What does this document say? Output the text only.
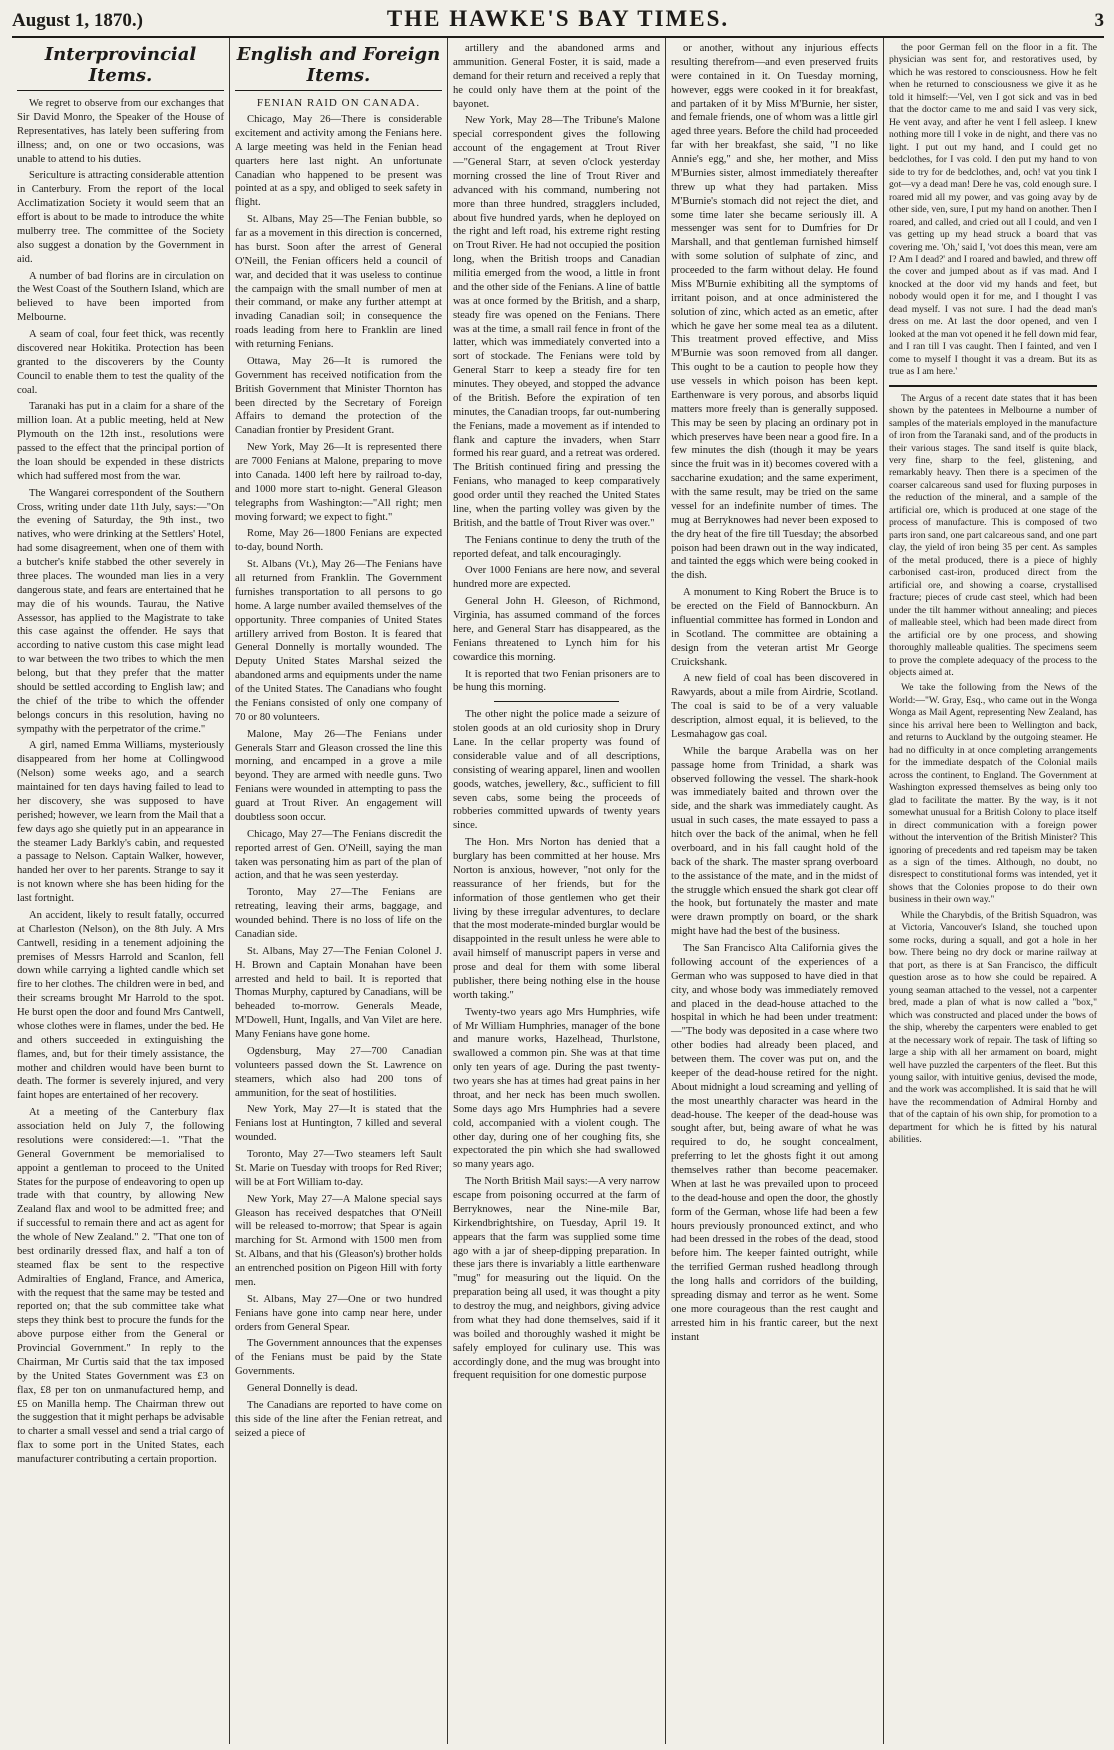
August 1, 1870.)	THE HAWKE'S BAY TIMES.	3
Interprovincial Items.

We regret to observe from our exchanges that Sir David Monro, the Speaker of the House of Representatives, has lately been suffering from illness; and, on one or two occasions, was unable to attend to his duties.

Sericulture is attracting considerable attention in Canterbury. From the report of the local Acclimatization Society it would seem that an effort is about to be made to introduce the white mulberry tree. The committee of the Society also suggest a donation by the Government in aid.

A number of bad florins are in circulation on the West Coast of the Southern Island, which are believed to have been imported from Melbourne.

A seam of coal, four feet thick, was recently discovered near Hokitika. Protection has been granted to the discoverers by the County Council to enable them to test the quality of the coal.

Taranaki has put in a claim for a share of the million loan. At a public meeting, held at New Plymouth on the 12th inst., resolutions were passed to the effect that the principal portion of the loan should be expended in these districts which had suffered most from the war.

The Wangarei correspondent of the Southern Cross, writing under date 11th July, says:—"On the evening of Saturday, the 9th inst., two natives, who were drinking at the Settlers' Hotel, had some disagreement, when one of them with a butcher's knife stabbed the other severely in three places. The wounded man lies in a very dangerous state, and fears are entertained that he may die of his wounds. Taurau, the Native Assessor, has applied to the Magistrate to take this case against the offender. He says that according to native custom this case might lead to war between the two tribes to which the men belong, but that they prefer that the matter should be settled according to English law; and the chief of the tribe to which the offender belongs concurs in this resolution, having no sympathy with the perpetrator of the crime."

A girl, named Emma Williams, mysteriously disappeared from her home at Collingwood (Nelson) some weeks ago, and a search maintained for ten days having failed to lead to her discovery, she was supposed to have perished; however, we learn from the Mail that a few days ago she quietly put in an appearance in the steamer Lady Barkly's cabin, and requested a passage to Nelson. Captain Walker, however, handed her over to her parents. Strange to say it is not known where she has been hiding for the last fortnight.

An accident, likely to result fatally, occurred at Charleston (Nelson), on the 8th July. A Mrs Cantwell, residing in a tenement adjoining the premises of Messrs Harrold and Scanlon, fell down while carrying a lighted candle which set fire to her clothes. The children were in bed, and their screams brought Mr Harrold to the spot. He burst open the door and found Mrs Cantwell, whose clothes were in flames, under the bed. He and others succeeded in extinguishing the flames, and, but for their timely assistance, the mother and children would have been burnt to death. The former is severely injured, and very faint hopes are entertained of her recovery.

At a meeting of the Canterbury flax association held on July 7, the following resolutions were considered:—1. "That the General Government be memorialised to appoint a gentleman to proceed to the United States for the purpose of endeavoring to open up trade with that country, by allowing New Zealand flax and wool to be admitted free; and if successful to remain there and act as agent for the whole of New Zealand." 2. "That one ton of best ordinarily dressed flax, and half a ton of steamed flax be sent to the respective Admiralties of England, France, and America, with the request that the same may be tested and reported on; that the sub committee take what steps they think best to procure the funds for the above purpose either from the General or Provincial Government." In reply to the Chairman, Mr Curtis said that the tax imposed by the United States Government was £3 on flax, £8 per ton on unmanufactured hemp, and £5 on Manilla hemp. The Chairman threw out the suggestion that it might perhaps be advisable to charter a small vessel and send a trial cargo of flax to some port in the United States, each manufacturer contributing a certain proportion.

English and Foreign Items.
FENIAN RAID ON CANADA.

Chicago, May 26—There is considerable excitement and activity among the Fenians here. A large meeting was held in the Fenian head quarters here last night. An unfortunate Canadian who happened to be present was pointed at as a spy, and obliged to seek safety in flight.

St. Albans, May 25—The Fenian bubble, so far as a movement in this direction is concerned, has burst. Soon after the arrest of General O'Neill, the Fenian officers held a council of war, and decided that it was useless to continue the campaign with the small number of men at their command, or make any further attempt at invading Canadian soil; in consequence the roads leading from here to Franklin are lined with returning Fenians.

Ottawa, May 26—It is rumored the Government has received notification from the British Government that Minister Thornton has been directed by the Secretary of Foreign Affairs to demand the protection of the Canadian frontier by President Grant.

New York, May 26—It is represented there are 7000 Fenians at Malone, preparing to move into Canada. 1400 left here by railroad to-day, and 1000 more start to-night. General Gleason telegraphs from Washington:—"All right; men moving forward; we expect to fight."

Rome, May 26—1800 Fenians are expected to-day, bound North.

St. Albans (Vt.), May 26—The Fenians have all returned from Franklin. The Government furnishes transportation to all persons to go home. A large number availed themselves of the opportunity. Three companies of United States artillery arrived from Boston. It is feared that General Donnelly is mortally wounded. The Deputy United States Marshal seized the abandoned arms and equipments under the name of the United States. The Canadians who fought the Fenians consisted of only one company of 70 or 80 volunteers.

Malone, May 26—The Fenians under Generals Starr and Gleason crossed the line this morning, and encamped in a grove a mile beyond. They are armed with needle guns. Two Fenians were wounded in attempting to pass the guard at Trout River. An engagement will doubtless soon occur.

Chicago, May 27—The Fenians discredit the reported arrest of Gen. O'Neill, saying the man taken was personating him as part of the plan of action, and that he was seen yesterday.

Toronto, May 27—The Fenians are retreating, leaving their arms, baggage, and wounded behind. There is no loss of life on the Canadian side.

St. Albans, May 27—The Fenian Colonel J. H. Brown and Captain Monahan have been arrested and held to bail. It is reported that Thomas Murphy, captured by Canadians, will be beheaded to-morrow. Generals Meade, M'Dowell, Hunt, Ingalls, and Van Vilet are here. Many Fenians have gone home.

Ogdensburg, May 27—700 Canadian volunteers passed down the St. Lawrence on steamers, which also had 200 tons of ammunition, for the seat of hostilities.

New York, May 27—It is stated that the Fenians lost at Huntington, 7 killed and several wounded.

Toronto, May 27—Two steamers left Sault St. Marie on Tuesday with troops for Red River; will be at Fort William to-day.

New York, May 27—A Malone special says Gleason has received despatches that O'Neill will be released to-morrow; that Spear is again marching for St. Armond with 1500 men from St. Albans, and that his (Gleason's) brother holds an entrenched position on Pigeon Hill with forty men.

St. Albans, May 27—One or two hundred Fenians have gone into camp near here, under orders from General Spear.

The Government announces that the expenses of the Fenians must be paid by the State Governments.

General Donnelly is dead.

The Canadians are reported to have come on this side of the line after the Fenian retreat, and seized a piece of

artillery and the abandoned arms and ammunition. General Foster, it is said, made a demand for their return and received a reply that he could only have them at the point of the bayonet.

New York, May 28—The Tribune's Malone special correspondent gives the following account of the engagement at Trout River—"General Starr, at seven o'clock yesterday morning crossed the line of Trout River and advanced with his command, numbering not more than three hundred, stragglers included, about five hundred yards, when he deployed on the right and left road, his extreme right resting on Trout River. He had not occupied the position long, when the British troops and Canadian militia emerged from the wood, a little in front and the other side of the Fenians. A line of battle was at once formed by the British, and a sharp, steady fire was opened on the Fenians. There was at the time, a small rail fence in front of the latter, which was immediately converted into a sort of stockade. The Fenians were told by General Starr to keep a steady fire for ten minutes. They obeyed, and stopped the advance of the British. Before the expiration of ten minutes, the Canadian troops, far out-numbering the Fenians, made a movement as if intended to flank and capture the invaders, when Starr formed his rear guard, and a retreat was ordered. The British continued firing and pressing the Fenians, who managed to keep comparatively good order until they reached the United States line, when the parting volley was given by the British, and the battle of Trout River was over."

The Fenians continue to deny the truth of the reported defeat, and talk encouragingly.

Over 1000 Fenians are here now, and several hundred more are expected.

General John H. Gleeson, of Richmond, Virginia, has assumed command of the forces here, and General Starr has disappeared, as the Fenians threatened to Lynch him for his cowardice this morning.

It is reported that two Fenian prisoners are to be hung this morning.

The other night the police made a seizure of stolen goods at an old curiosity shop in Drury Lane. In the cellar property was found of considerable value and of all descriptions, consisting of wearing apparel, linen and woollen goods, watches, jewellery, &c., sufficient to fill seven cabs, some being the proceeds of robberies committed upwards of twenty years since.

The Hon. Mrs Norton has denied that a burglary has been committed at her house. Mrs Norton is anxious, however, "not only for the reassurance of her friends, but for the information of those gentlemen who get their living by these irregular adventures, to declare that the most moderate-minded burglar would be disappointed in the result unless he were able to avail himself of manuscript papers in verse and prose and deal for them with some liberal publisher, there being nothing else in the house worth taking."

Twenty-two years ago Mrs Humphries, wife of Mr William Humphries, manager of the bone and manure works, Hazelhead, Thurlstone, swallowed a common pin. She was at that time only ten years of age. During the past twenty-two years she has at times had great pains in her throat, and her neck has been much swollen. Some days ago Mrs Humphries had a severe cold, accompanied with a violent cough. The other day, during one of her coughing fits, she expectorated the pin which she had swallowed so many years ago.

The North British Mail says:—A very narrow escape from poisoning occurred at the farm of Berryknowes, near the Nine-mile Bar, Kirkendbrightshire, on Tuesday, April 19. It appears that the farm was supplied some time ago with a jar of sheep-dipping preparation. In these jars there is invariably a little earthenware "mug" for measuring out the liquid. On the preparation being all used, it was thought a pity to destroy the mug, and neighbors, giving advice from what they had done themselves, said if it was boiled and thoroughly washed it might be safely employed for culinary use. This was accordingly done, and the mug was brought into frequent requisition for one domestic purpose

or another, without any injurious effects resulting therefrom—and even preserved fruits were contained in it. On Tuesday morning, however, eggs were cooked in it for breakfast, and partaken of it by Miss M'Burnie, her sister, and female friends, one of whom was a little girl aged three years. Before the child had proceeded far with her breakfast, she said, "I no like Annie's egg," and she, her mother, and Miss M'Burnies sister, almost immediately thereafter threw up what they had partaken. Miss M'Burnie's stomach did not reject the diet, and some time later she became seriously ill. A messenger was sent for to Dumfries for Dr Marshall, and that gentleman furnished himself with some solution of sulphate of zinc, and proceeded to the farm without delay. He found Miss M'Burnie exhibiting all the symptoms of irritant poison, and at once administered the solution of zinc, which acted as an emetic, after which he gave her some meal tea as a dilutent. This treatment proved effective, and Miss M'Burnie was soon removed from all danger. This ought to be a caution to people how they use vessels in which poison has been kept. Earthenware is very porous, and absorbs liquid matters more freely than is generally supposed. This may be seen by placing an ordinary pot in which preserves have been near a good fire. In a few minutes the dish (though it may be years since the fruit was in it) becomes covered with a saccharine exudation; and the same experiment, with the same result, may be tried on the same vessel for an indefinite number of times. The mug at Berryknowes had never been exposed to the dry heat of the fire till Tuesday; the absorbed poison had been drawn out in the way indicated, and tainted the eggs which were being cooked in the dish.

A monument to King Robert the Bruce is to be erected on the Field of Bannockburn. An influential committee has formed in London and in Scotland. The committee are obtaining a design from the veteran artist Mr George Cruickshank.

A new field of coal has been discovered in Rawyards, about a mile from Airdrie, Scotland. The coal is said to be of a very valuable description, almost equal, it is believed, to the Lesmahagow gas coal.

While the barque Arabella was on her passage home from Trinidad, a shark was observed following the vessel. The shark-hook was immediately baited and thrown over the side, and the shark was immediately caught. As usual in such cases, the mate essayed to pass a hitch over the back of the animal, when he fell overboard, and in his fall caught hold of the back of the shark. The master sprang overboard to the assistance of the mate, and in the midst of the struggle which ensued the shark got clear off the hook, but fortunately the master and mate were drawn promptly on board, or the shark might have had the best of the business.

The San Francisco Alta California gives the following account of the experiences of a German who was supposed to have died in that city, and whose body was immediately removed and placed in the dead-house attached to the hospital in which he had been under treatment:—"The body was deposited in a case where two other bodies had already been placed, and between them. The cover was put on, and the keeper of the dead-house retired for the night. About midnight a loud screaming and yelling of the most unearthly character was heard in the dead-house. The keeper of the dead-house was sought after, but, being aware of what he was required to do, he sought concealment, preferring to let the ghosts fight it out among themselves rather than become peacemaker. When at last he was prevailed upon to proceed to the dead-house and open the door, the ghostly form of the German, whose life had been a few hours previously pronounced extinct, and who had been dressed in the robes of the dead, stood before him. The keeper fainted outright, while the terrified German rushed headlong through the long halls and corridors of the building, spreading dismay and terror as he went. Some one more courageous than the rest caught and arrested him in his frantic career, but the next instant

the poor German fell on the floor in a fit. The physician was sent for, and restoratives used, by which he was restored to consciousness. How he felt when he returned to consciousness we give it as he told it himself:—'Vel, ven I got sick and vas in bed that the doctor came to me and said I vas very sick, He vent avay, and after he vent I fell asleep. I knew nothing more till I voke in de night, and there vas no light. I put out my hand, and I could get no bedclothes, for I vas cold. I den put my hand to von side to try for de bedclothes, and, och! vat you tink I got—vy a dead man! Dere he vas, cold enough sure. I roared mid all my power, and vas going avay by de other side, ven, sure, I put my hand on another. Then I roared, and called, and cried out all I could, and ven I vas getting up my head struck a board that vas covering me. 'Oh,' said I, 'vot does this mean, vere am I? Am I dead?' and I roared and bawled, and threw off the cover and jumped about as if vas mad. And I knocked at the door vid my hands and feet, but nobody would open it for me, and I thought I vas dead myself. I vas not sure. I had the dead man's dress on me. At last the door opened, and ven I looked at the man vot opened it he fell down mid fear, and I ran till I vas caught. Then I fainted, and ven I come to myself I thought it vas a dream. But its as true as I am here.'

The Argus of a recent date states that it has been shown by the patentees in Melbourne a number of samples of the materials employed in the manufacture of iron from the Taranaki sand, and of the products in their various stages. The sand itself is quite black, very fine, sharp to the feel, glistening, and remarkably heavy. Then there is a specimen of the coarser calcareous sand used for fluxing purposes in the reduction of the mineral, and a sample of the artificial ore, which is produced at one stage of the process of manufacture. This is composed of two parts iron sand, one part calcareous sand, and one part clay, the yield of iron being 35 per cent. As samples of the metal produced, there is a piece of highly carbonised cast-iron, produced direct from the artificial ore, and showing a coarse, crystallised fracture; pieces of crude cast steel, which had been under the tilt hammer without annealing; and pieces of malleable steel, which had been made direct from the artificial ore by one process, and showing thoroughly malleable qualities. The specimens seem to prove the complete adequacy of the process to the objects aimed at.

We take the following from the News of the World:—"W. Gray, Esq., who came out in the Wonga Wonga as Mail Agent, representing New Zealand, has since his arrival here been to Wellington and back, and returns to Auckland by the outgoing steamer. He had no difficulty in at once completing arrangements for the immediate despatch of the Colonial mails across the continent, to England. The Government at Washington expressed themselves as being only too glad to facilitate the matter. By the way, is it not somewhat unusual for a British Colony to place itself in direct communication with a foreign power without the intervention of the British Minister? This ignoring of precedents and red tapeism may be taken as a sign of the times. Although, no doubt, no disrespect to constitutional forms was intended, yet it shows that the Colonies propose to do their own business in their own way."

While the Charybdis, of the British Squadron, was at Victoria, Vancouver's Island, she touched upon some rocks, during a squall, and got a hole in her bow. There being no dry dock or marine railway at that port, as there is at San Francisco, the difficult question arose as to how she could be repaired. A young seaman attached to the vessel, not a carpenter bred, made a plan of what is now called a "box," which was constructed and placed under the bows of the ship, whereby the carpenters were enabled to get at the necessary work of repair. The task of lifting so large a ship with all her armament on board, might well have puzzled the carpenters of the fleet. But this young sailor, with intuitive genius, devised the mode, and the work was accomplished. It is said that he will have the recommendation of Admiral Hornby and that of the captain of his own ship, for promotion to a department for which he is fitted by his natural abilities.
